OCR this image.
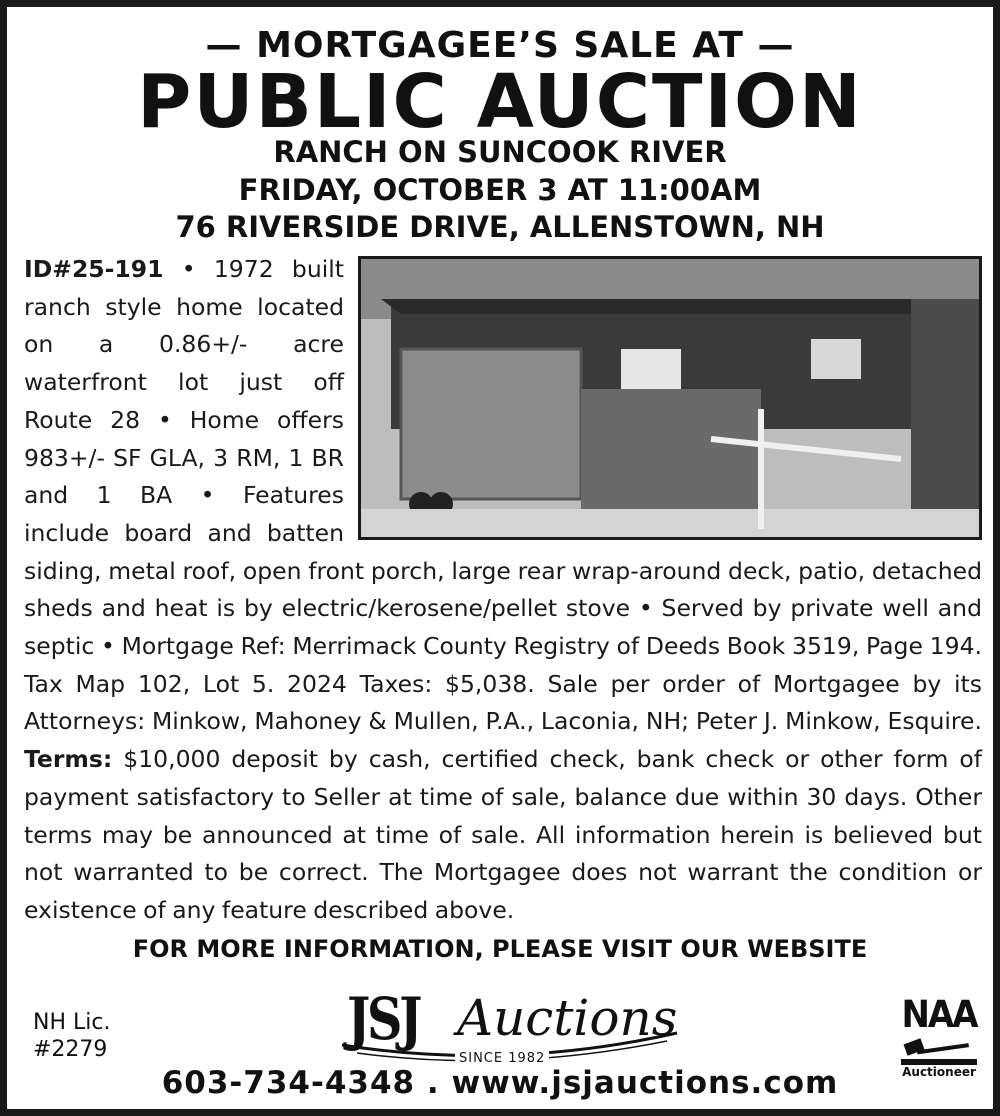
— MORTGAGEE’S SALE AT —
PUBLIC AUCTION
RANCH ON SUNCOOK RIVER
FRIDAY, OCTOBER 3 AT 11:00AM
76 RIVERSIDE DRIVE, ALLENSTOWN, NH
ID#25-191 • 1972 built ranch style home located on a 0.86+/- acre waterfront lot just off Route 28 • Home offers 983+/- SF GLA, 3 RM, 1 BR and 1 BA • Features include board and batten siding, metal roof, open front porch, large rear wrap-around deck, patio, detached sheds and heat is by electric/kerosene/pellet stove • Served by private well and septic • Mortgage Ref: Merrimack County Registry of Deeds Book 3519, Page 194. Tax Map 102, Lot 5. 2024 Taxes: $5,038. Sale per order of Mortgagee by its Attorneys: Minkow, Mahoney & Mullen, P.A., Laconia, NH; Peter J. Minkow, Esquire. Terms: $10,000 deposit by cash, certified check, bank check or other form of payment satisfactory to Seller at time of sale, balance due within 30 days. Other terms may be announced at time of sale. All information herein is believed but not warranted to be correct. The Mortgagee does not warrant the condition or existence of any feature described above.
FOR MORE INFORMATION, PLEASE VISIT OUR WEBSITE
NH Lic.
#2279	JSJ Auctions
SINCE 1982
603-734-4348 . www.jsjauctions.com
NAA
Auctioneer
